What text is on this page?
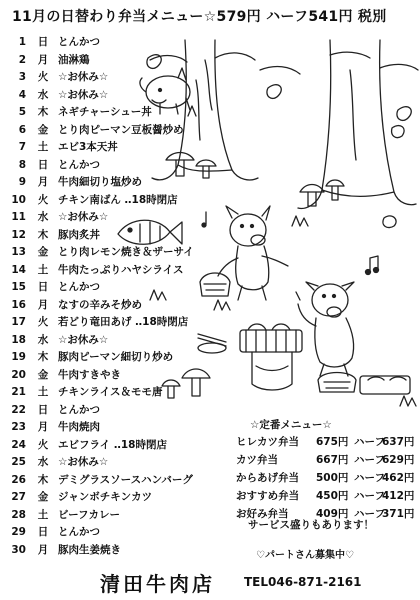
11月の日替わり弁当メニュー☆579円 ハーフ541円 税別
1 日 とんかつ
2 月 油淋鶏
3 火 ☆お休み☆
4 水 ☆お休み☆
5 木 ネギチャーシュー丼
6 金 とり肉ピーマン豆板醤炒め
7 土 エビ3本天丼
8 日 とんかつ
9 月 牛肉細切り塩炒め
10 火 チキン南ばん ‥18時閉店
11 水 ☆お休み☆
12 木 豚肉炙丼
13 金 とり肉レモン焼き＆ザーサイ
14 土 牛肉たっぷりハヤシライス
15 日 とんかつ
16 月 なすの辛みそ炒め
17 火 若どり竜田あげ ‥18時閉店
18 水 ☆お休み☆
19 木 豚肉ピーマン細切り炒め
20 金 牛肉すきやき
21 土 チキンライス＆モモ唐
22 日 とんかつ
23 月 牛肉焼肉
24 火 エビフライ ‥18時閉店
25 水 ☆お休み☆
26 木 デミグラスソースハンバーグ
27 金 ジャンボチキンカツ
28 土 ビーフカレー
29 日 とんかつ
30 月 豚肉生姜焼き
☆定番メニュー☆
ヒレカツ弁当 675円 ハーフ
637円
カツ弁当	667円 ハーフ
629円
からあげ弁当 500円 ハーフ
462円
おすすめ弁当 450円 ハーフ
412円
お好み弁当	409円 ハーフ
371円
サービス盛りもあります！
♡パートさん募集中♡
清田牛肉店 TEL046-871-2161
